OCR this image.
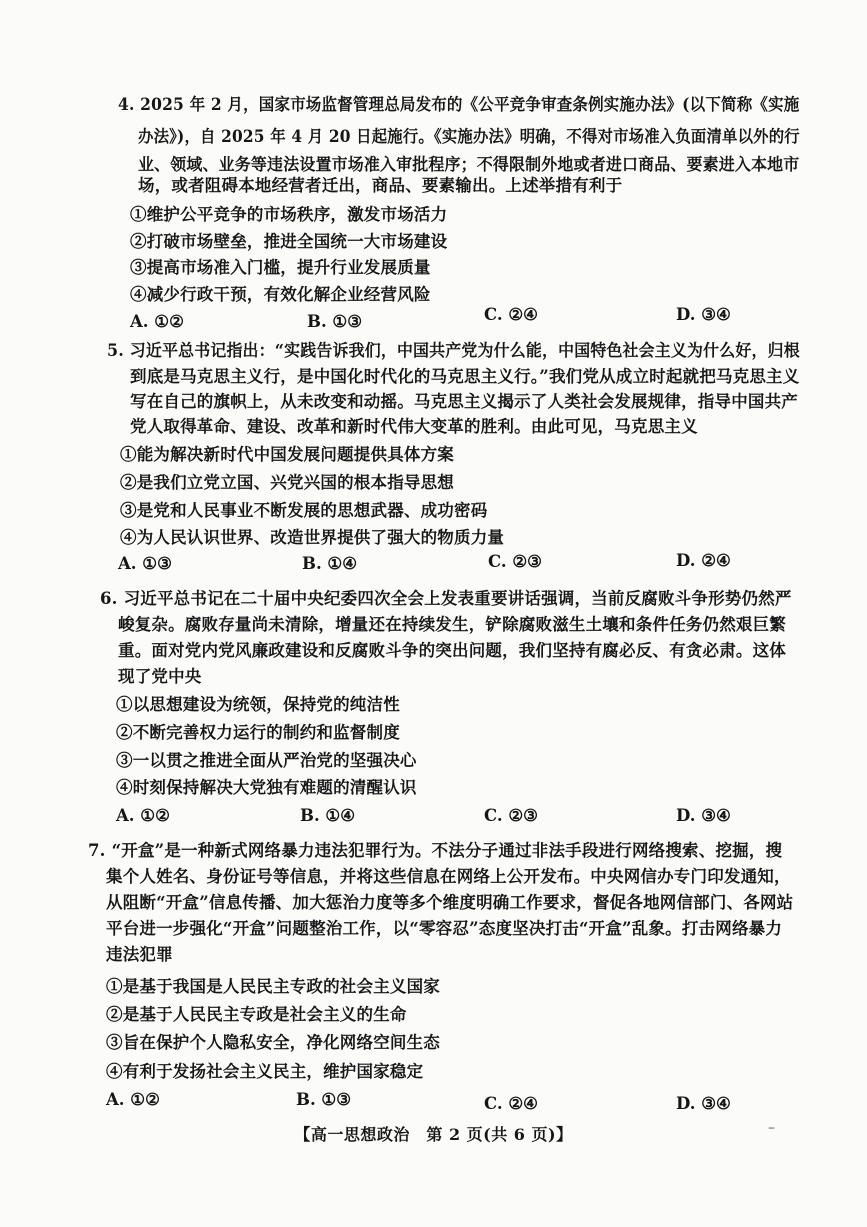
4. 2025 年 2 月，国家市场监督管理总局发布的《公平竞争审查条例实施办法》(以下简称《实施
办法》)，自 2025 年 4 月 20 日起施行。《实施办法》明确，不得对市场准入负面清单以外的行
业、领域、业务等违法设置市场准入审批程序；不得限制外地或者进口商品、要素进入本地市
场，或者阻碍本地经营者迁出，商品、要素输出。上述举措有利于
①维护公平竞争的市场秩序，激发市场活力
②打破市场壁垒，推进全国统一大市场建设
③提高市场准入门槛，提升行业发展质量
④减少行政干预，有效化解企业经营风险
A. ①②	B. ①③	C. ②④	D. ③④
5. 习近平总书记指出：“实践告诉我们，中国共产党为什么能，中国特色社会主义为什么好，归根
到底是马克思主义行，是中国化时代化的马克思主义行。”我们党从成立时起就把马克思主义
写在自己的旗帜上，从未改变和动摇。马克思主义揭示了人类社会发展规律，指导中国共产
党人取得革命、建设、改革和新时代伟大变革的胜利。由此可见，马克思主义
①能为解决新时代中国发展问题提供具体方案
②是我们立党立国、兴党兴国的根本指导思想
③是党和人民事业不断发展的思想武器、成功密码
④为人民认识世界、改造世界提供了强大的物质力量
A. ①③	B. ①④	C. ②③	D. ②④
6. 习近平总书记在二十届中央纪委四次全会上发表重要讲话强调，当前反腐败斗争形势仍然严
峻复杂。腐败存量尚未清除，增量还在持续发生，铲除腐败滋生土壤和条件任务仍然艰巨繁
重。面对党内党风廉政建设和反腐败斗争的突出问题，我们坚持有腐必反、有贪必肃。这体
现了党中央
①以思想建设为统领，保持党的纯洁性
②不断完善权力运行的制约和监督制度
③一以贯之推进全面从严治党的坚强决心
④时刻保持解决大党独有难题的清醒认识
A. ①②	B. ①④	C. ②③	D. ③④
7. “开盒”是一种新式网络暴力违法犯罪行为。不法分子通过非法手段进行网络搜索、挖掘，搜
集个人姓名、身份证号等信息，并将这些信息在网络上公开发布。中央网信办专门印发通知，
从阻断“开盒”信息传播、加大惩治力度等多个维度明确工作要求，督促各地网信部门、各网站
平台进一步强化“开盒”问题整治工作，以“零容忍”态度坚决打击“开盒”乱象。打击网络暴力
违法犯罪
①是基于我国是人民民主专政的社会主义国家
②是基于人民民主专政是社会主义的生命
③旨在保护个人隐私安全，净化网络空间生态
④有利于发扬社会主义民主，维护国家稳定
A. ①②	B. ①③	C. ②④	D. ③④
【高一思想政治　第 2 页(共 6 页)】	–
